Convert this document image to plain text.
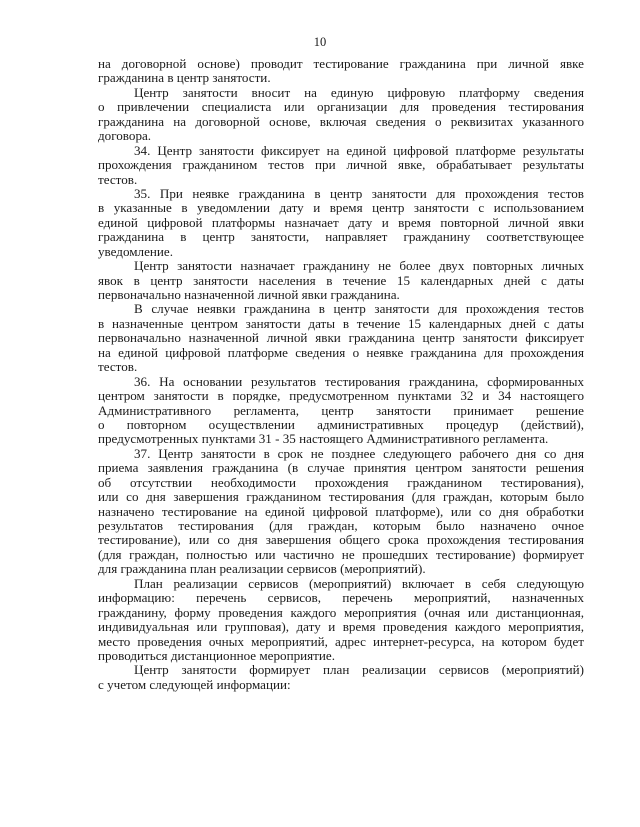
10
на договорной основе) проводит тестирование гражданина при личной явке
гражданина в центр занятости.
Центр занятости вносит на единую цифровую платформу сведения
о привлечении специалиста или организации для проведения тестирования
гражданина на договорной основе, включая сведения о реквизитах указанного
договора.
34. Центр занятости фиксирует на единой цифровой платформе результаты
прохождения гражданином тестов при личной явке, обрабатывает результаты
тестов.
35. При неявке гражданина в центр занятости для прохождения тестов
в указанные в уведомлении дату и время центр занятости с использованием
единой цифровой платформы назначает дату и время повторной личной явки
гражданина в центр занятости, направляет гражданину соответствующее
уведомление.
Центр занятости назначает гражданину не более двух повторных личных
явок в центр занятости населения в течение 15 календарных дней с даты
первоначально назначенной личной явки гражданина.
В случае неявки гражданина в центр занятости для прохождения тестов
в назначенные центром занятости даты в течение 15 календарных дней с даты
первоначально назначенной личной явки гражданина центр занятости фиксирует
на единой цифровой платформе сведения о неявке гражданина для прохождения
тестов.
36. На основании результатов тестирования гражданина, сформированных
центром занятости в порядке, предусмотренном пунктами 32 и 34 настоящего
Административного регламента, центр занятости принимает решение
о повторном осуществлении административных процедур (действий),
предусмотренных пунктами 31 - 35 настоящего Административного регламента.
37. Центр занятости в срок не позднее следующего рабочего дня со дня
приема заявления гражданина (в случае принятия центром занятости решения
об отсутствии необходимости прохождения гражданином тестирования),
или со дня завершения гражданином тестирования (для граждан, которым было
назначено тестирование на единой цифровой платформе), или со дня обработки
результатов тестирования (для граждан, которым было назначено очное
тестирование), или со дня завершения общего срока прохождения тестирования
(для граждан, полностью или частично не прошедших тестирование) формирует
для гражданина план реализации сервисов (мероприятий).
План реализации сервисов (мероприятий) включает в себя следующую
информацию: перечень сервисов, перечень мероприятий, назначенных
гражданину, форму проведения каждого мероприятия (очная или дистанционная,
индивидуальная или групповая), дату и время проведения каждого мероприятия,
место проведения очных мероприятий, адрес интернет-ресурса, на котором будет
проводиться дистанционное мероприятие.
Центр занятости формирует план реализации сервисов (мероприятий)
с учетом следующей информации:
